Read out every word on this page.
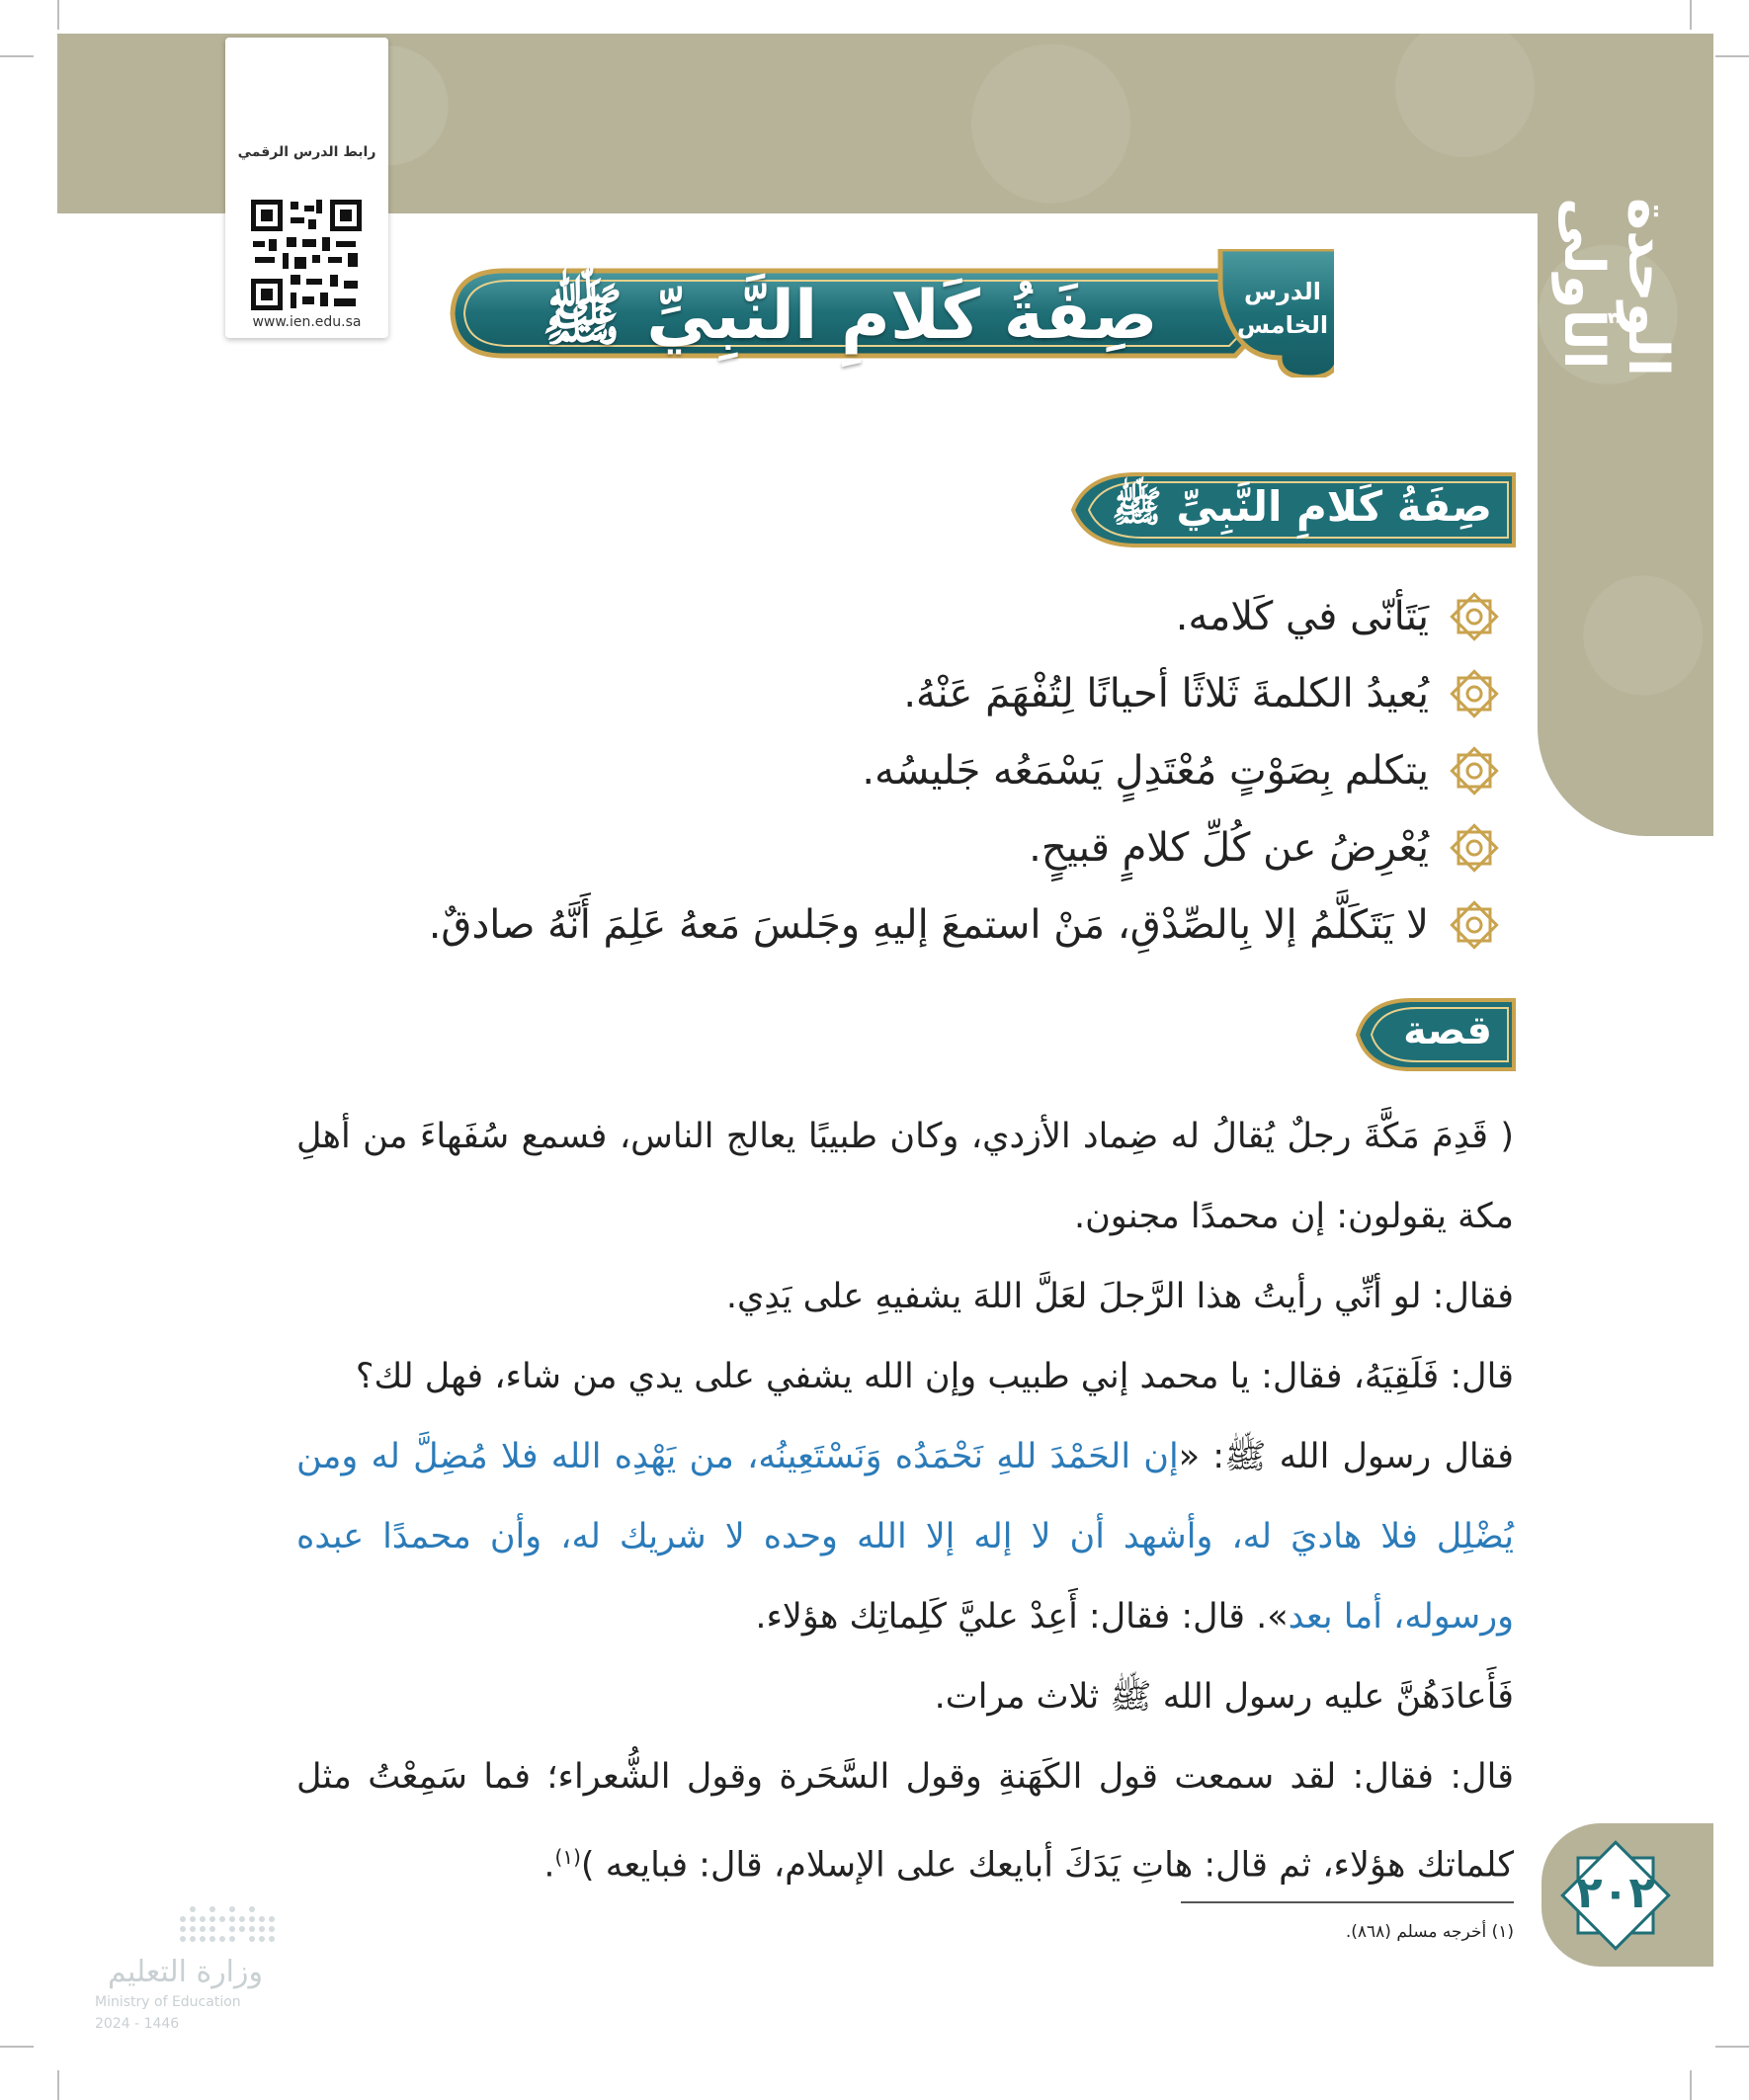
الوحدة الأولى
رابط الدرس الرقمي
www.ien.edu.sa	صِفَةُ كَلامِ النَّبِيِّ ﷺ	الدرس
الخامس
صِفَةُ كَلامِ النَّبِيِّ ﷺ
يَتَأنّى في كَلامه.
يُعيدُ الكلمةَ ثَلاثًا أحيانًا لِتُفْهَمَ عَنْهُ.
يتكلم بِصَوْتٍ مُعْتَدِلٍ يَسْمَعُه جَليسُه.
يُعْرِضُ عن كُلِّ كلامٍ قبيحٍ.
لا يَتَكَلَّمُ إلا بِالصِّدْقِ، مَنْ استمعَ إليهِ وجَلسَ مَعهُ عَلِمَ أَنَّهُ صادقٌ.
قصة

( قَدِمَ مَكَّةَ رجلٌ يُقالُ له ضِماد الأزدي، وكان طبيبًا يعالج الناس، فسمع سُفَهاءَ من أهلِ مكة يقولون: إن محمدًا مجنون.

فقال: لو أنِّي رأيتُ هذا الرَّجلَ لعَلَّ اللهَ يشفيهِ على يَدِي.

قال: فَلَقِيَهُ، فقال: يا محمد إني طبيب وإن الله يشفي على يدي من شاء، فهل لك؟

فقال رسول الله ﷺ: «إن الحَمْدَ للهِ نَحْمَدُه وَنَسْتَعِينُه، من يَهْدِه الله فلا مُضِلَّ له ومن يُضْلِل فلا هاديَ له، وأشهد أن لا إله إلا الله وحده لا شريك له، وأن محمدًا عبده ورسوله، أما بعد». قال: فقال: أَعِدْ عليَّ كَلِماتِك هؤلاء.

فَأَعادَهُنَّ عليه رسول الله ﷺ ثلاث مرات.

قال: فقال: لقد سمعت قول الكَهَنةِ وقول السَّحَرة وقول الشُّعراء؛ فما سَمِعْتُ مثل كلماتك هؤلاء، ثم قال: هاتِ يَدَكَ أبايعك على الإسلام، قال: فبايعه )$^{(١)}$.

(١) أخرجه مسلم (٨٦٨).
٢٠٢
وزارة التعليم
Ministry of Education
2024 - 1446
